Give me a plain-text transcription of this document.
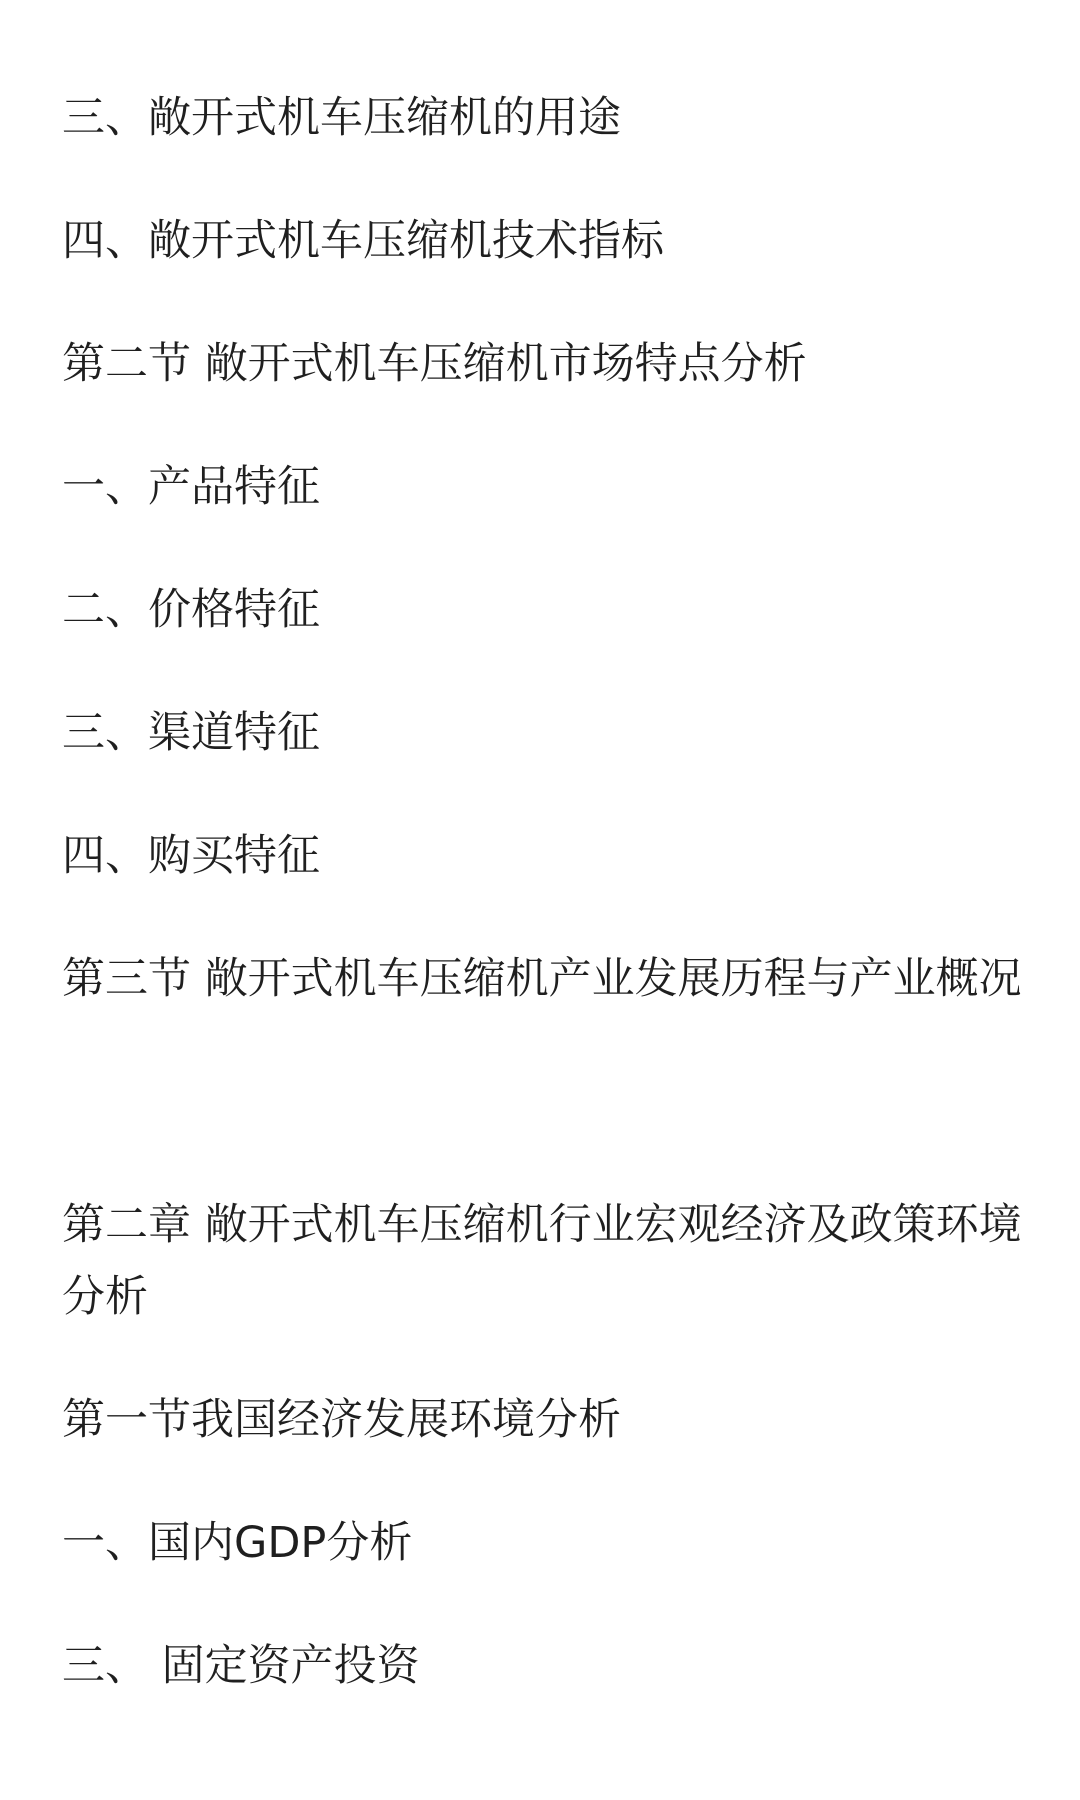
三、敞开式机车压缩机的用途
四、敞开式机车压缩机技术指标
第二节 敞开式机车压缩机市场特点分析
一、产品特征
二、价格特征
三、渠道特征
四、购买特征
第三节 敞开式机车压缩机产业发展历程与产业概况
第二章 敞开式机车压缩机行业宏观经济及政策环境分析
第一节我国经济发展环境分析
一、国内GDP分析
三、 固定资产投资
